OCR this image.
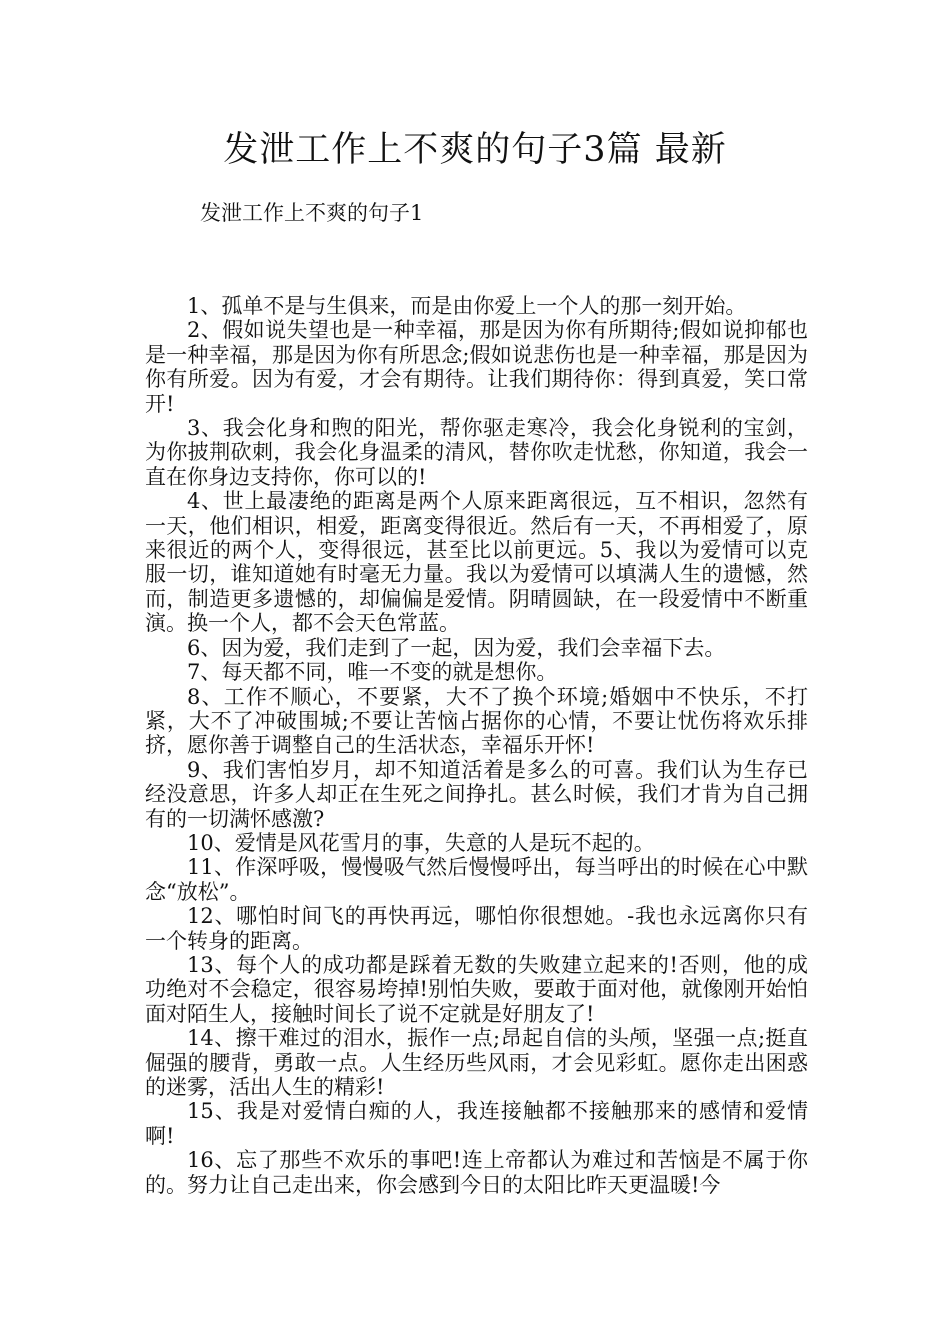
发泄工作上不爽的句子3篇 最新
发泄工作上不爽的句子1

1、孤单不是与生俱来，而是由你爱上一个人的那一刻开始。

2、假如说失望也是一种幸福，那是因为你有所期待;假如说抑郁也是一种幸福，那是因为你有所思念;假如说悲伤也是一种幸福，那是因为你有所爱。因为有爱，才会有期待。让我们期待你：得到真爱，笑口常开!

3、我会化身和煦的阳光，帮你驱走寒冷，我会化身锐利的宝剑，为你披荆砍刺，我会化身温柔的清风，替你吹走忧愁，你知道，我会一直在你身边支持你，你可以的!

4、世上最凄绝的距离是两个人原来距离很远，互不相识，忽然有一天，他们相识，相爱，距离变得很近。然后有一天，不再相爱了，原来很近的两个人，变得很远，甚至比以前更远。5、我以为爱情可以克服一切，谁知道她有时毫无力量。我以为爱情可以填满人生的遗憾，然而，制造更多遗憾的，却偏偏是爱情。阴晴圆缺，在一段爱情中不断重演。换一个人，都不会天色常蓝。

6、因为爱，我们走到了一起，因为爱，我们会幸福下去。

7、每天都不同，唯一不变的就是想你。

8、工作不顺心，不要紧，大不了换个环境;婚姻中不快乐，不打紧，大不了冲破围城;不要让苦恼占据你的心情，不要让忧伤将欢乐排挤，愿你善于调整自己的生活状态，幸福乐开怀!

9、我们害怕岁月，却不知道活着是多么的可喜。我们认为生存已经没意思，许多人却正在生死之间挣扎。甚么时候，我们才肯为自己拥有的一切满怀感激?

10、爱情是风花雪月的事，失意的人是玩不起的。

11、作深呼吸，慢慢吸气然后慢慢呼出，每当呼出的时候在心中默念“放松”。

12、哪怕时间飞的再快再远，哪怕你很想她。-我也永远离你只有一个转身的距离。

13、每个人的成功都是踩着无数的失败建立起来的!否则，他的成功绝对不会稳定，很容易垮掉!别怕失败，要敢于面对他，就像刚开始怕面对陌生人，接触时间长了说不定就是好朋友了!

14、擦干难过的泪水，振作一点;昂起自信的头颅，坚强一点;挺直倔强的腰背，勇敢一点。人生经历些风雨，才会见彩虹。愿你走出困惑的迷雾，活出人生的精彩!

15、我是对爱情白痴的人，我连接触都不接触那来的感情和爱情啊!

16、忘了那些不欢乐的事吧!连上帝都认为难过和苦恼是不属于你的。努力让自己走出来，你会感到今日的太阳比昨天更温暖!今
